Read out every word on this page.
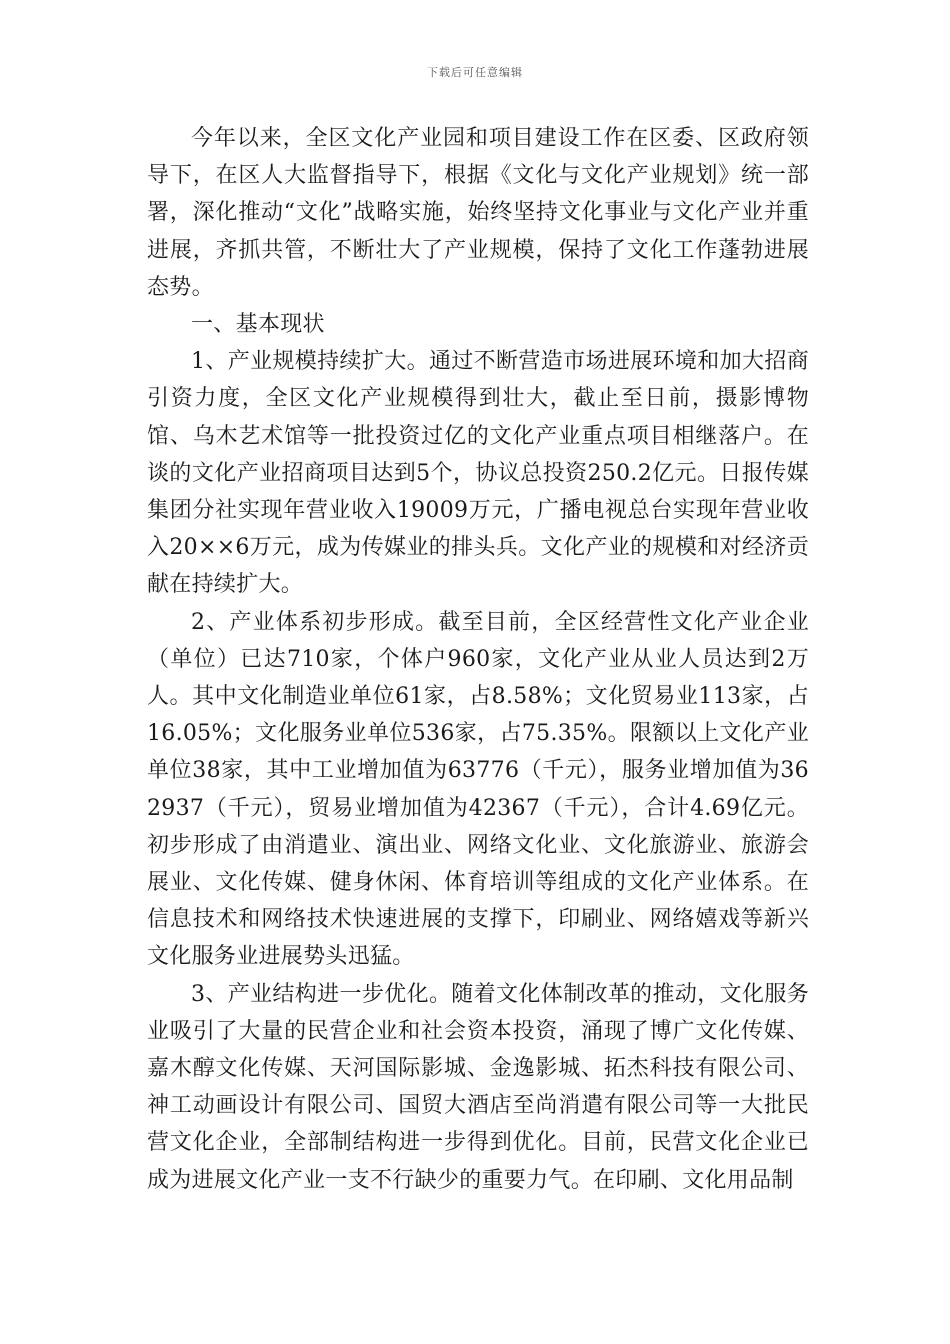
下载后可任意编辑

今年以来，全区文化产业园和项目建设工作在区委、区政府领导下，在区人大监督指导下，根据《文化与文化产业规划》统一部署，深化推动“文化”战略实施，始终坚持文化事业与文化产业并重进展，齐抓共管，不断壮大了产业规模，保持了文化工作蓬勃进展态势。

一、基本现状

1、产业规模持续扩大。通过不断营造市场进展环境和加大招商引资力度，全区文化产业规模得到壮大，截止至日前，摄影博物馆、乌木艺术馆等一批投资过亿的文化产业重点项目相继落户。在谈的文化产业招商项目达到5个，协议总投资250.2亿元。日报传媒集团分社实现年营业收入19009万元，广播电视总台实现年营业收入20××6万元，成为传媒业的排头兵。文化产业的规模和对经济贡献在持续扩大。

2、产业体系初步形成。截至目前，全区经营性文化产业企业（单位）已达710家，个体户960家，文化产业从业人员达到2万人。其中文化制造业单位61家，占8.58%；文化贸易业113家，占16.05%；文化服务业单位536家，占75.35%。限额以上文化产业单位38家，其中工业增加值为63776（千元），服务业增加值为362937（千元），贸易业增加值为42367（千元），合计4.69亿元。初步形成了由消遣业、演出业、网络文化业、文化旅游业、旅游会展业、文化传媒、健身休闲、体育培训等组成的文化产业体系。在信息技术和网络技术快速进展的支撑下，印刷业、网络嬉戏等新兴文化服务业进展势头迅猛。

3、产业结构进一步优化。随着文化体制改革的推动，文化服务业吸引了大量的民营企业和社会资本投资，涌现了博广文化传媒、嘉木醇文化传媒、天河国际影城、金逸影城、拓杰科技有限公司、神工动画设计有限公司、国贸大酒店至尚消遣有限公司等一大批民营文化企业，全部制结构进一步得到优化。目前，民营文化企业已成为进展文化产业一支不行缺少的重要力气。在印刷、文化用品制
